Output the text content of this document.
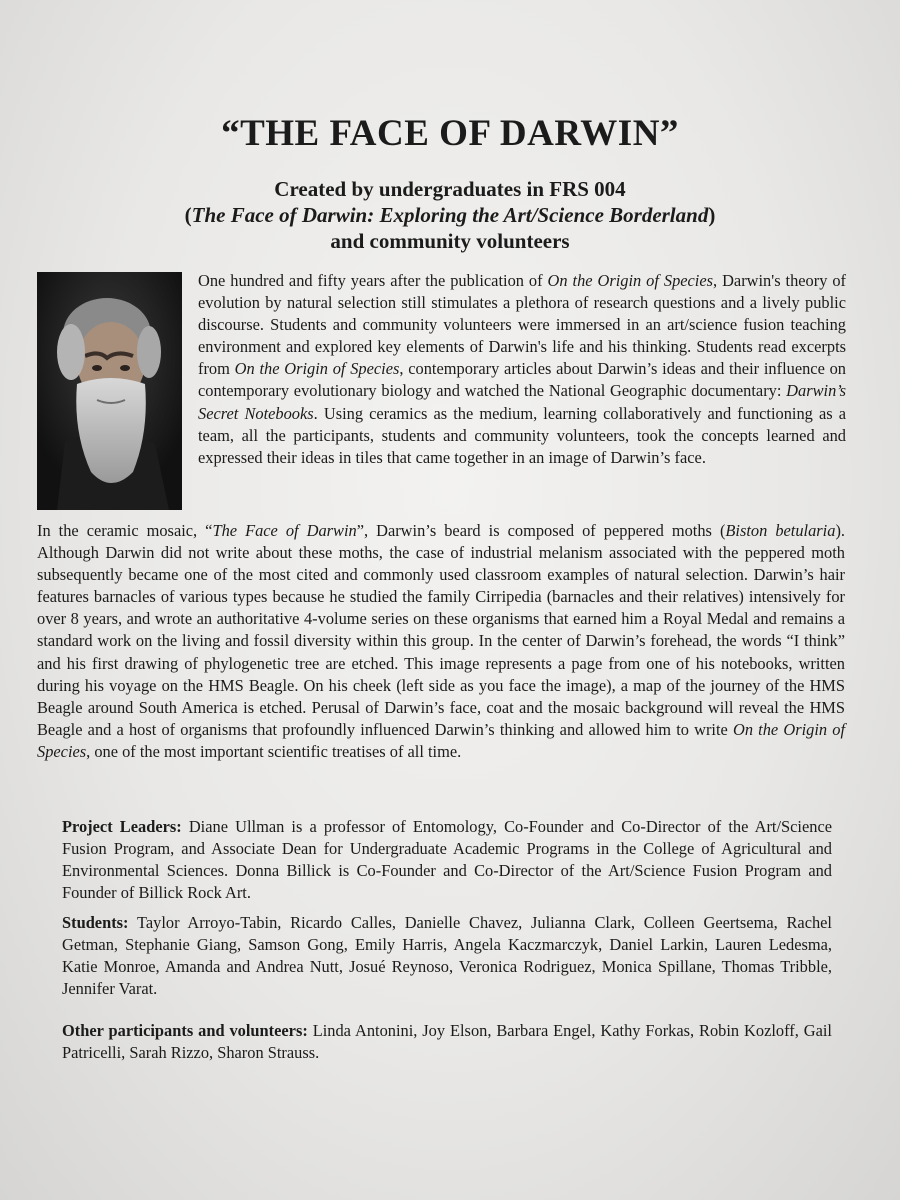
“THE FACE OF DARWIN”
Created by undergraduates in FRS 004
(The Face of Darwin: Exploring the Art/Science Borderland)
and community volunteers
One hundred and fifty years after the publication of On the Origin of Species, Darwin's theory of evolution by natural selection still stimulates a plethora of research questions and a lively public discourse. Students and community volunteers were immersed in an art/science fusion teaching environment and explored key elements of Darwin's life and his thinking. Students read excerpts from On the Origin of Species, contemporary articles about Darwin’s ideas and their influence on contemporary evolutionary biology and watched the National Geographic documentary: Darwin’s Secret Notebooks. Using ceramics as the medium, learning collaboratively and functioning as a team, all the participants, students and community volunteers, took the concepts learned and expressed their ideas in tiles that came together in an image of Darwin’s face.
In the ceramic mosaic, “The Face of Darwin”, Darwin’s beard is composed of peppered moths (Biston betularia). Although Darwin did not write about these moths, the case of industrial melanism associated with the peppered moth subsequently became one of the most cited and commonly used classroom examples of natural selection. Darwin’s hair features barnacles of various types because he studied the family Cirripedia (barnacles and their relatives) intensively for over 8 years, and wrote an authoritative 4-volume series on these organisms that earned him a Royal Medal and remains a standard work on the living and fossil diversity within this group. In the center of Darwin’s forehead, the words “I think” and his first drawing of phylogenetic tree are etched. This image represents a page from one of his notebooks, written during his voyage on the HMS Beagle. On his cheek (left side as you face the image), a map of the journey of the HMS Beagle around South America is etched. Perusal of Darwin’s face, coat and the mosaic background will reveal the HMS Beagle and a host of organisms that profoundly influenced Darwin’s thinking and allowed him to write On the Origin of Species, one of the most important scientific treatises of all time.
Project Leaders: Diane Ullman is a professor of Entomology, Co-Founder and Co-Director of the Art/Science Fusion Program, and Associate Dean for Undergraduate Academic Programs in the College of Agricultural and Environmental Sciences. Donna Billick is Co-Founder and Co-Director of the Art/Science Fusion Program and Founder of Billick Rock Art.
Students: Taylor Arroyo-Tabin, Ricardo Calles, Danielle Chavez, Julianna Clark, Colleen Geertsema, Rachel Getman, Stephanie Giang, Samson Gong, Emily Harris, Angela Kaczmarczyk, Daniel Larkin, Lauren Ledesma, Katie Monroe, Amanda and Andrea Nutt, Josué Reynoso, Veronica Rodriguez, Monica Spillane, Thomas Tribble, Jennifer Varat.
Other participants and volunteers: Linda Antonini, Joy Elson, Barbara Engel, Kathy Forkas, Robin Kozloff, Gail Patricelli, Sarah Rizzo, Sharon Strauss.
